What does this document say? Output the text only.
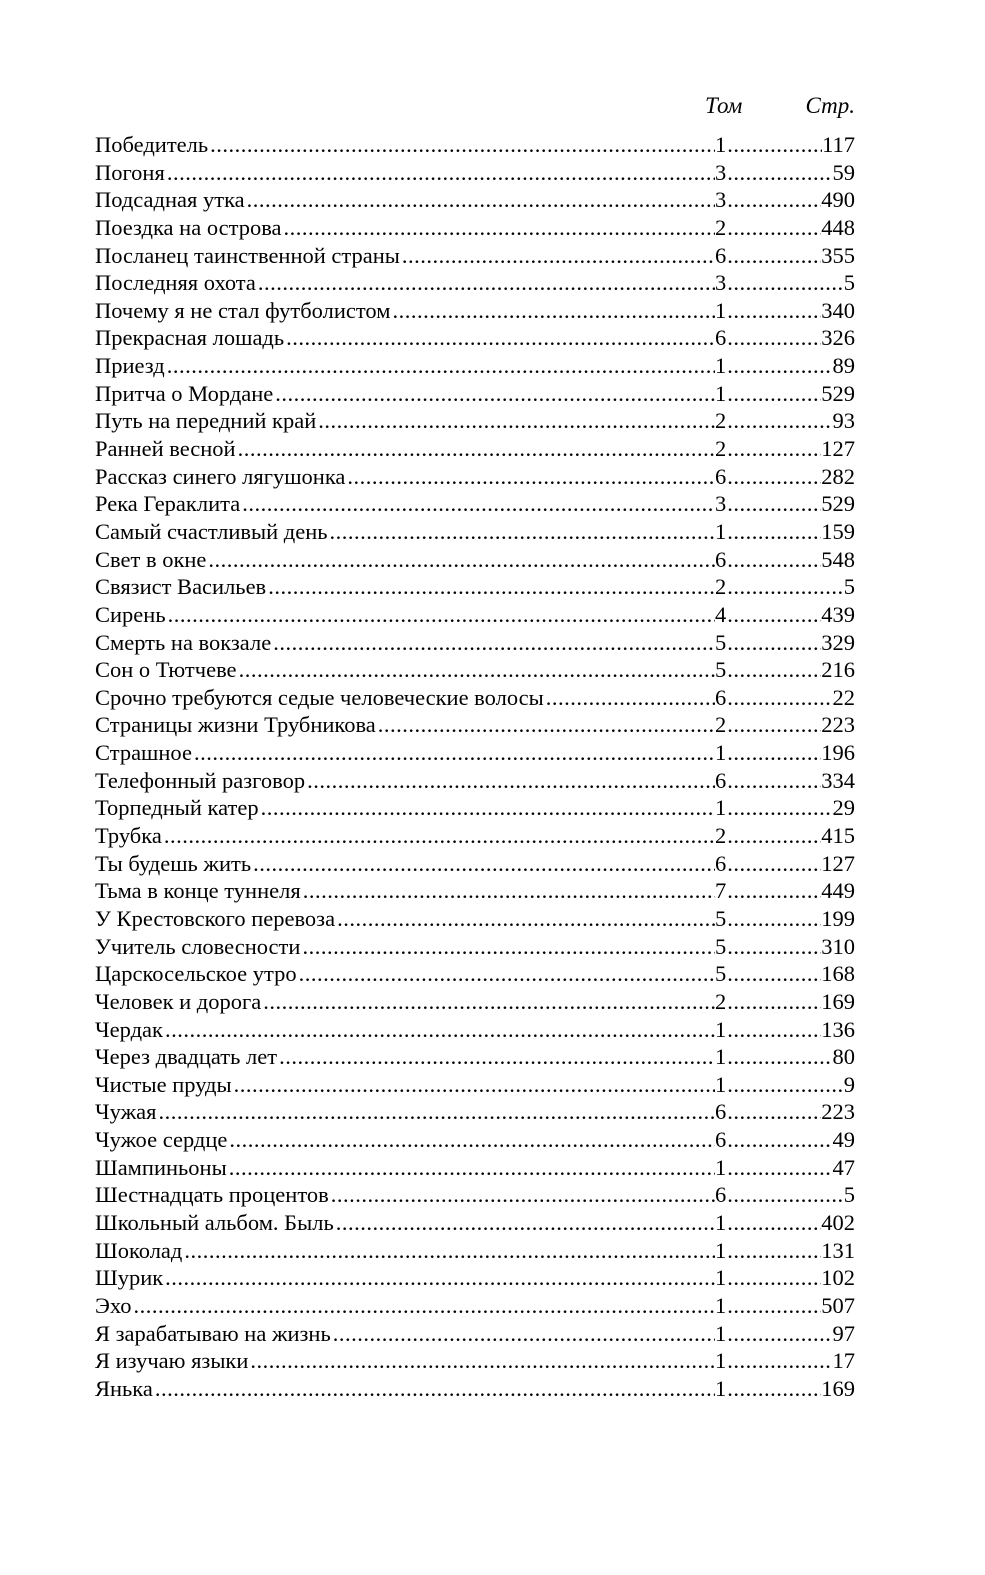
Том	Стр.
Победитель .....	1 .....	117
Погоня .....	3 .....	59
Подсадная утка .....	3 .....	490
Поездка на острова .....	2 .....	448
Посланец таинственной страны .....	6 .....	355
Последняя охота .....	3 .....	5
Почему я не стал футболистом .....	1 .....	340
Прекрасная лошадь .....	6 .....	326
Приезд .....	1 .....	89
Притча о Мордане .....	1 .....	529
Путь на передний край .....	2 .....	93
Ранней весной .....	2 .....	127
Рассказ синего лягушонка .....	6 .....	282
Река Гераклита .....	3 .....	529
Самый счастливый день .....	1 .....	159
Свет в окне .....	6 .....	548
Связист Васильев .....	2 .....	5
Сирень .....	4 .....	439
Смерть на вокзале .....	5 .....	329
Сон о Тютчеве .....	5 .....	216
Срочно требуются седые человеческие волосы .....	6 .....	22
Страницы жизни Трубникова .....	2 .....	223
Страшное .....	1 .....	196
Телефонный разговор .....	6 .....	334
Торпедный катер .....	1 .....	29
Трубка .....	2 .....	415
Ты будешь жить .....	6 .....	127
Тьма в конце туннеля .....	7 .....	449
У Крестовского перевоза .....	5 .....	199
Учитель словесности .....	5 .....	310
Царскосельское утро .....	5 .....	168
Человек и дорога .....	2 .....	169
Чердак .....	1 .....	136
Через двадцать лет .....	1 .....	80
Чистые пруды .....	1 .....	9
Чужая .....	6 .....	223
Чужое сердце .....	6 .....	49
Шампиньоны .....	1 .....	47
Шестнадцать процентов .....	6 .....	5
Школьный альбом. Быль .....	1 .....	402
Шоколад .....	1 .....	131
Шурик .....	1 .....	102
Эхо .....	1 .....	507
Я зарабатываю на жизнь .....	1 .....	97
Я изучаю языки .....	1 .....	17
Янька .....	1 .....	169
